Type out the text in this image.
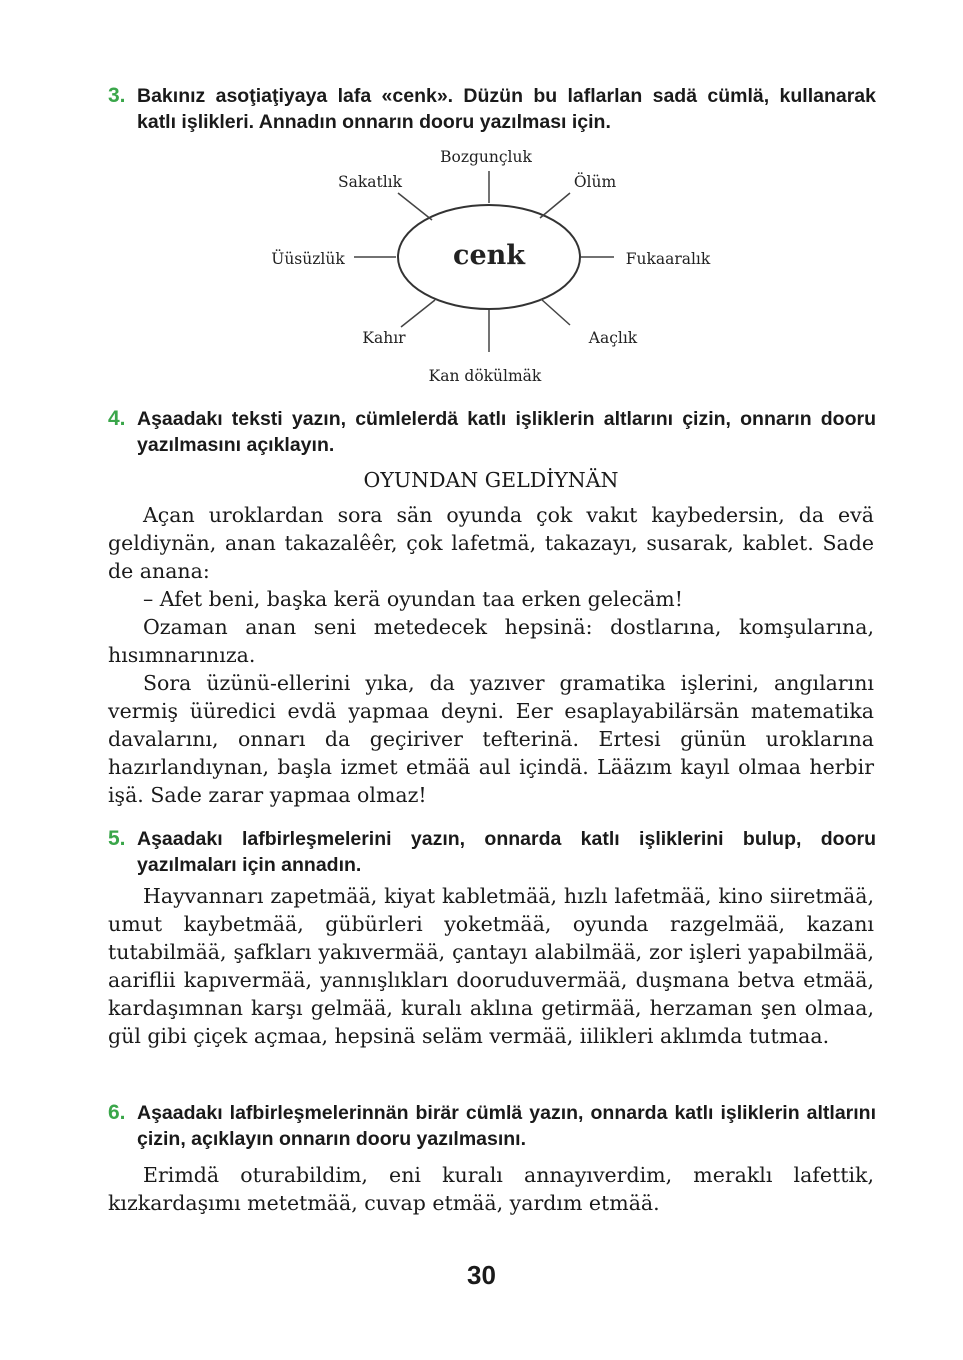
3. Bakınız asoţiaţiyaya lafa «cenk». Düzün bu laflarlan sadä cümlä, kullanarak katlı işlikleri. Annadın onnarın dooru yazılması için.
cenk
Bozgunçluk
Sakatlık	Ölüm
Üüsüzlük	Fukaaralık
Kahır	Aaçlık
Kan dökülmäk
4. Aşaadakı teksti yazın, cümlelerdä katlı işliklerin altlarını çizin, onnarın dooru yazılmasını açıklayın.
OYUNDAN GELDİYNÄN

Açan uroklardan sora sän oyunda çok vakıt kaybedersin, da evä geldiynän, anan takazalêêr, çok lafetmä, takazayı, susarak, kablet. Sade de anana:

– Afet beni, başka kerä oyundan taa erken gelecäm!

Ozaman anan seni metedecek hepsinä: dostlarına, komşularına, hısımnarınıza.

Sora üzünü-ellerini yıka, da yazıver gramatika işlerini, angılarını vermiş üüredici evdä yapmaa deyni. Eer esaplayabilärsän matematika davalarını, onnarı da geçiriver tefterinä. Ertesi günün uroklarına hazırlandıynan, başla izmet etmää aul içindä. Lääzım kayıl olmaa herbir işä. Sade zarar yapmaa olmaz!

5. Aşaadakı lafbirleşmelerini yazın, onnarda katlı işliklerini bulup, dooru yazılmaları için annadın.

Hayvannarı zapetmää, kiyat kabletmää, hızlı lafetmää, kino siiretmää, umut kaybetmää, gübürleri yoketmää, oyunda razgelmää, kazanı tutabilmää, şafkları yakıvermää, çantayı alabilmää, zor işleri yapabilmää, aariflii kapıvermää, yannışlıkları dooruduvermää, duşmana betva etmää, kardaşımnan karşı gelmää, kuralı aklına getirmää, herzaman şen olmaa, gül gibi çiçek açmaa, hepsinä seläm vermää, iilikleri aklımda tutmaa.

6. Aşaadakı lafbirleşmelerinnän birär cümlä yazın, onnarda katlı işliklerin altlarını çizin, açıklayın onnarın dooru yazılmasını.

Erimdä oturabildim, eni kuralı annayıverdim, meraklı lafettik, kızkardaşımı metetmää, cuvap etmää, yardım etmää.

30
